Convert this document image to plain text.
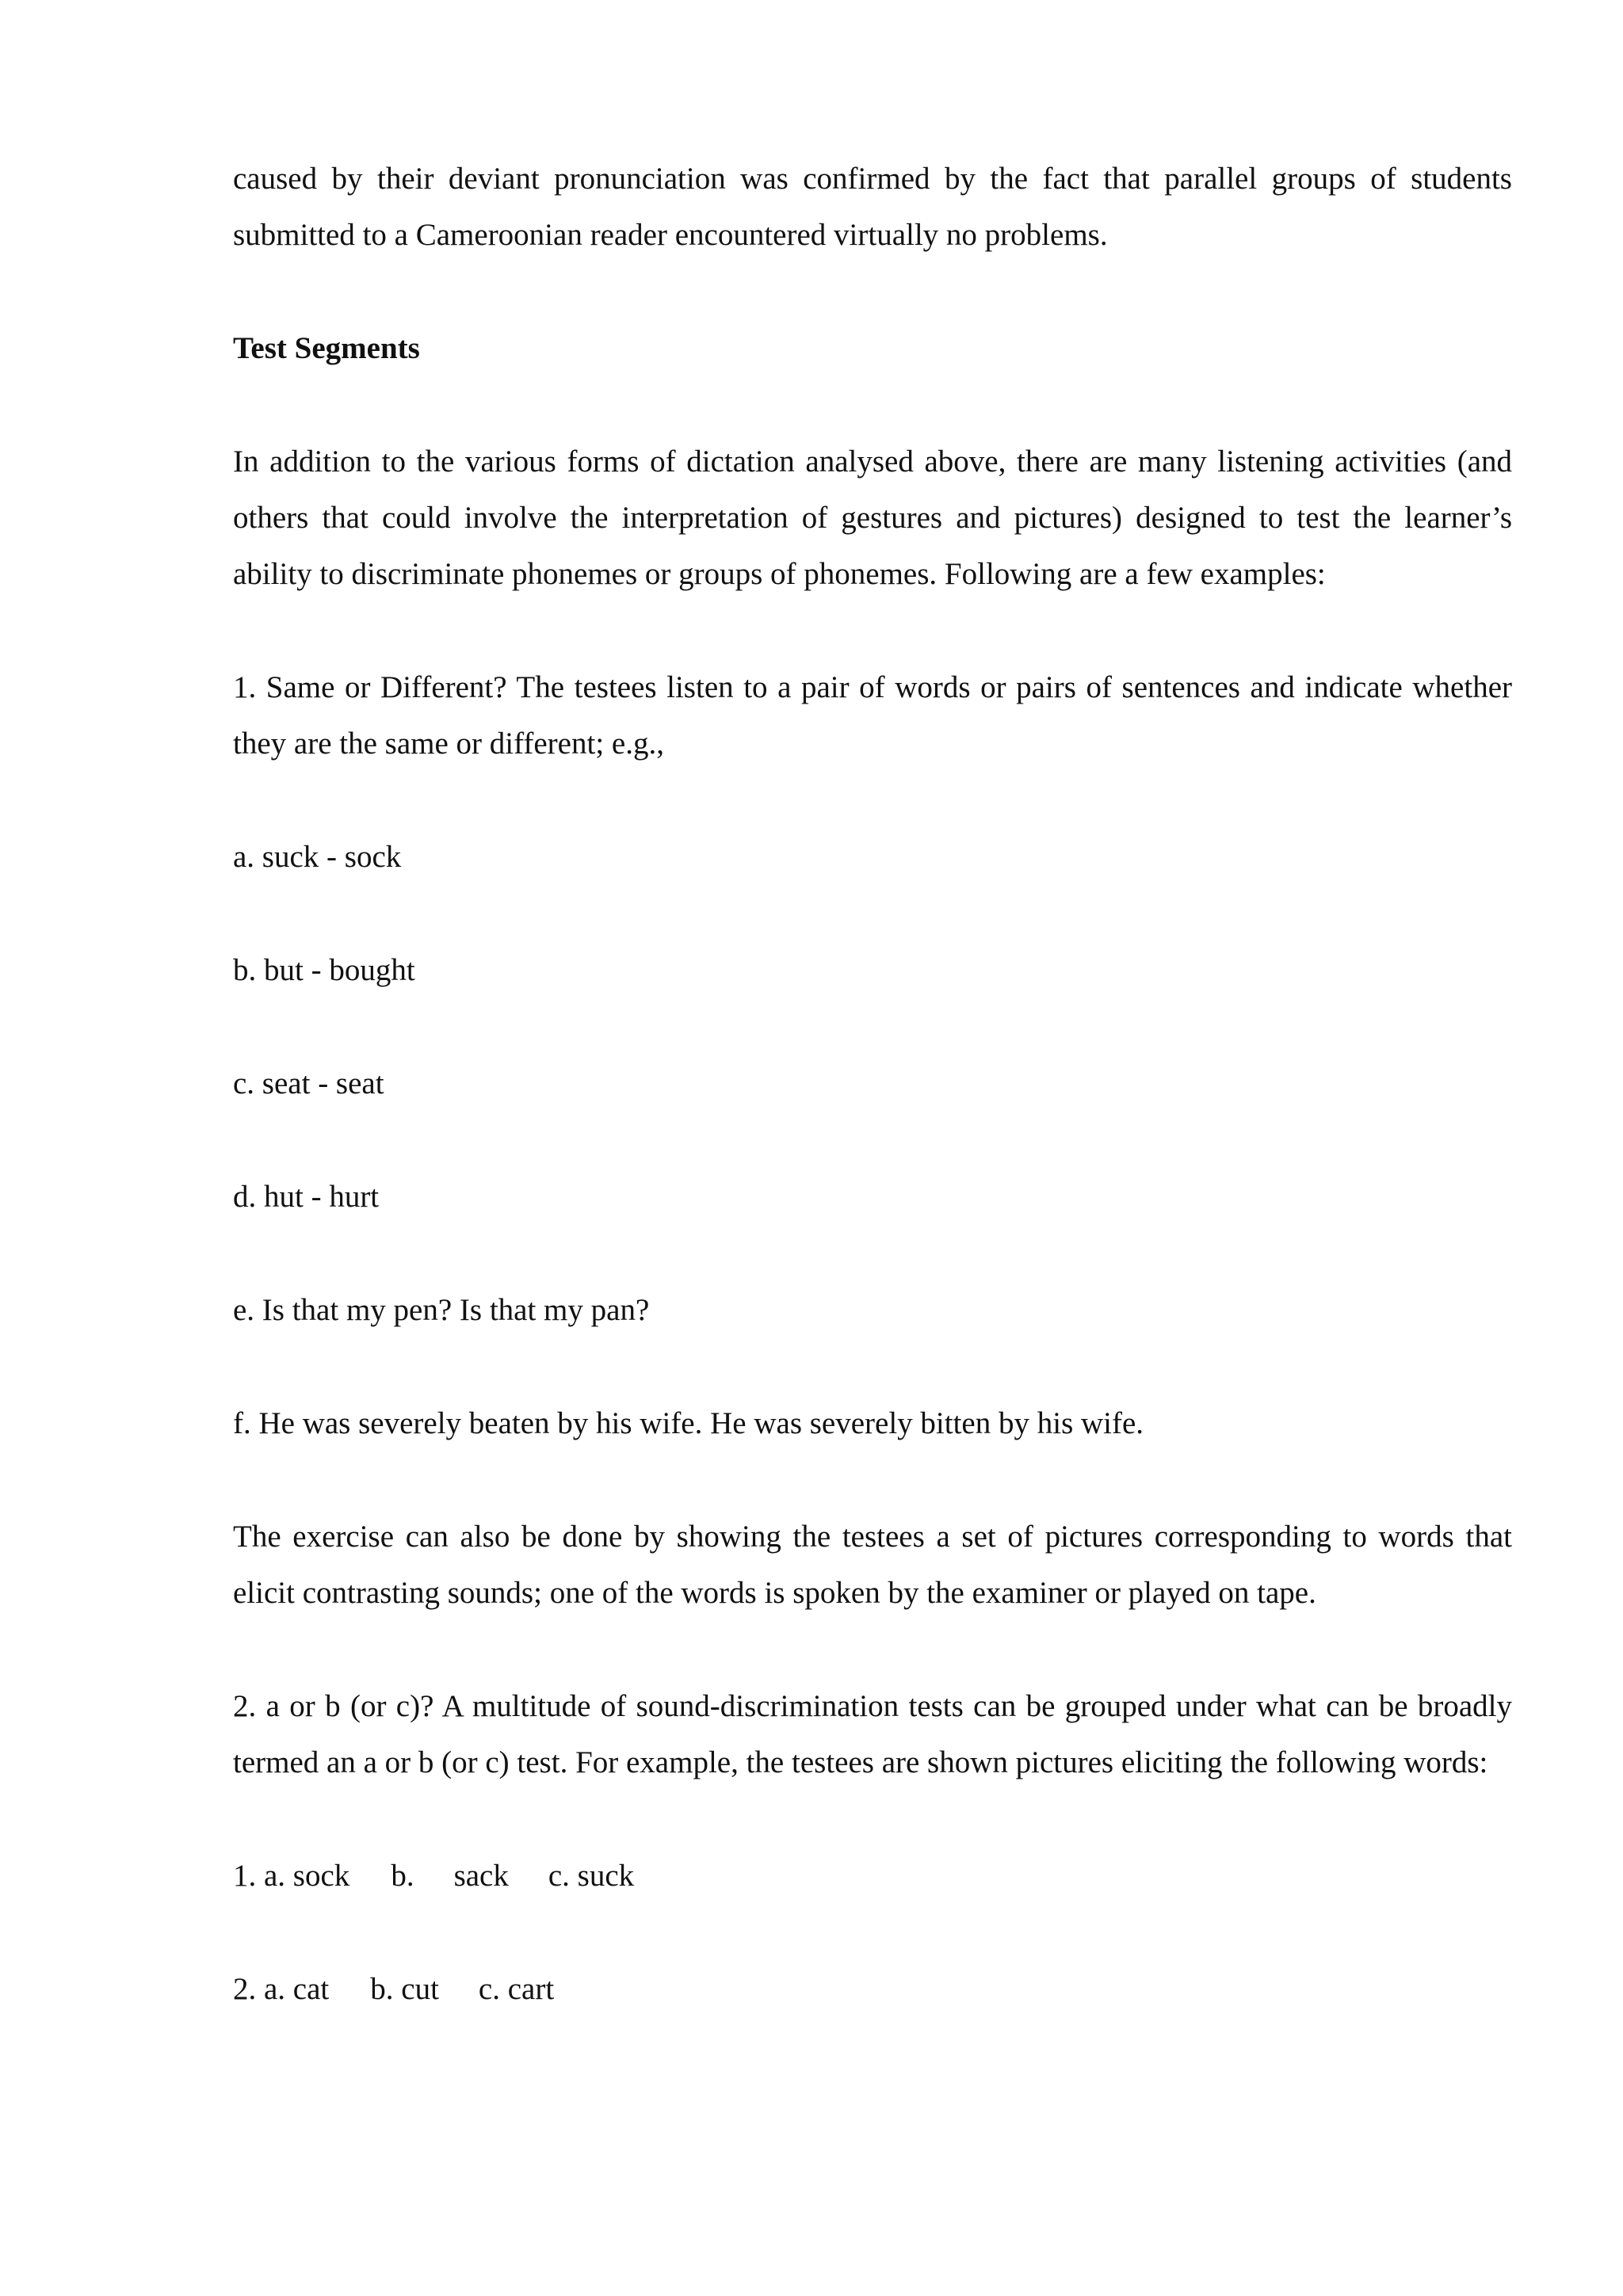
caused by their deviant pronunciation was confirmed by the fact that parallel groups of students submitted to a Cameroonian reader encountered virtually no problems.

Test Segments

In addition to the various forms of dictation analysed above, there are many listening activities (and others that could involve the interpretation of gestures and pictures) designed to test the learner’s ability to discriminate phonemes or groups of phonemes. Following are a few examples:

1. Same or Different? The testees listen to a pair of words or pairs of sentences and indicate whether they are the same or different; e.g.,

a. suck - sock

b. but - bought

c. seat - seat

d. hut - hurt

e. Is that my pen? Is that my pan?

f. He was severely beaten by his wife. He was severely bitten by his wife.

The exercise can also be done by showing the testees a set of pictures corresponding to words that elicit contrasting sounds; one of the words is spoken by the examiner or played on tape.

2. a or b (or c)? A multitude of sound-discrimination tests can be grouped under what can be broadly termed an a or b (or c) test. For example, the testees are shown pictures eliciting the following words:

1. a. sock b. sack c. suck

2. a. cat b. cut c. cart
